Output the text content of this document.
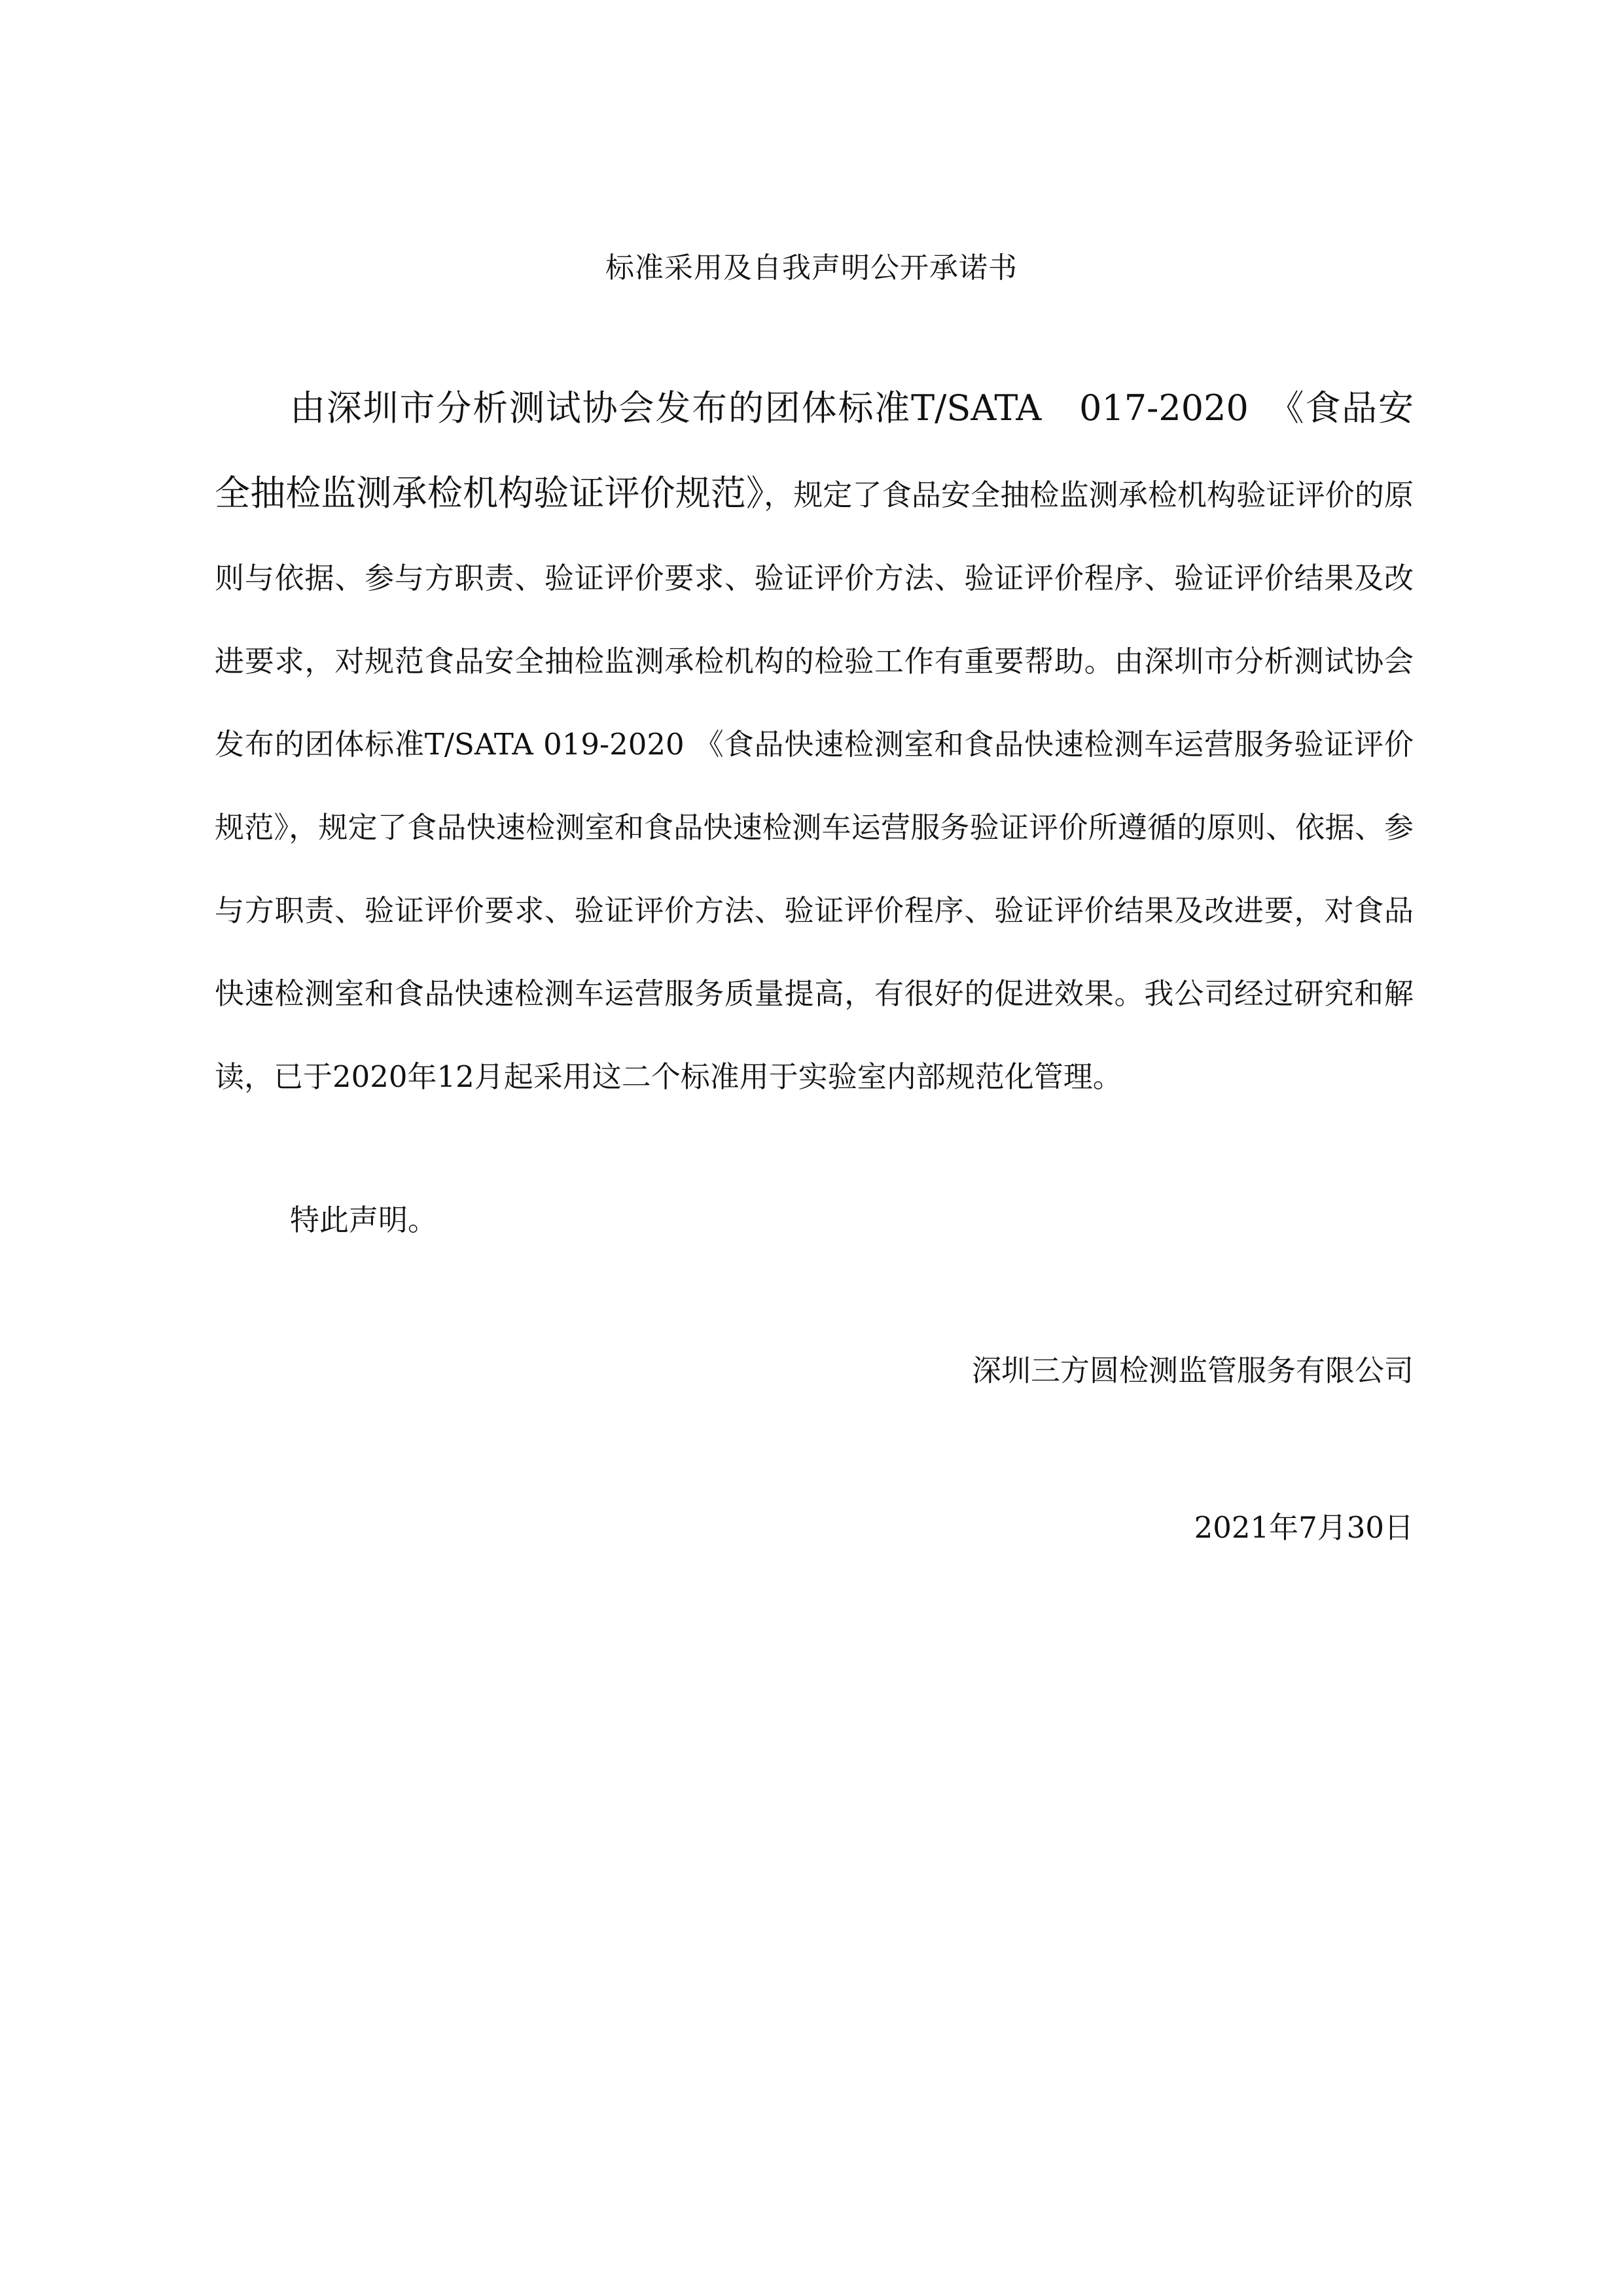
标准采用及自我声明公开承诺书

由深圳市分析测试协会发布的团体标准T/SATA　017-2020　《食品安全抽检监测承检机构验证评价规范》，规定了食品安全抽检监测承检机构验证评价的原则与依据、参与方职责、验证评价要求、验证评价方法、验证评价程序、验证评价结果及改进要求，对规范食品安全抽检监测承检机构的检验工作有重要帮助。由深圳市分析测试协会发布的团体标准T/SATA 019-2020 《食品快速检测室和食品快速检测车运营服务验证评价规范》，规定了食品快速检测室和食品快速检测车运营服务验证评价所遵循的原则、依据、参与方职责、验证评价要求、验证评价方法、验证评价程序、验证评价结果及改进要，对食品快速检测室和食品快速检测车运营服务质量提高，有很好的促进效果。我公司经过研究和解读，已于2020年12月起采用这二个标准用于实验室内部规范化管理。

特此声明。

深圳三方圆检测监管服务有限公司

2021年7月30日
